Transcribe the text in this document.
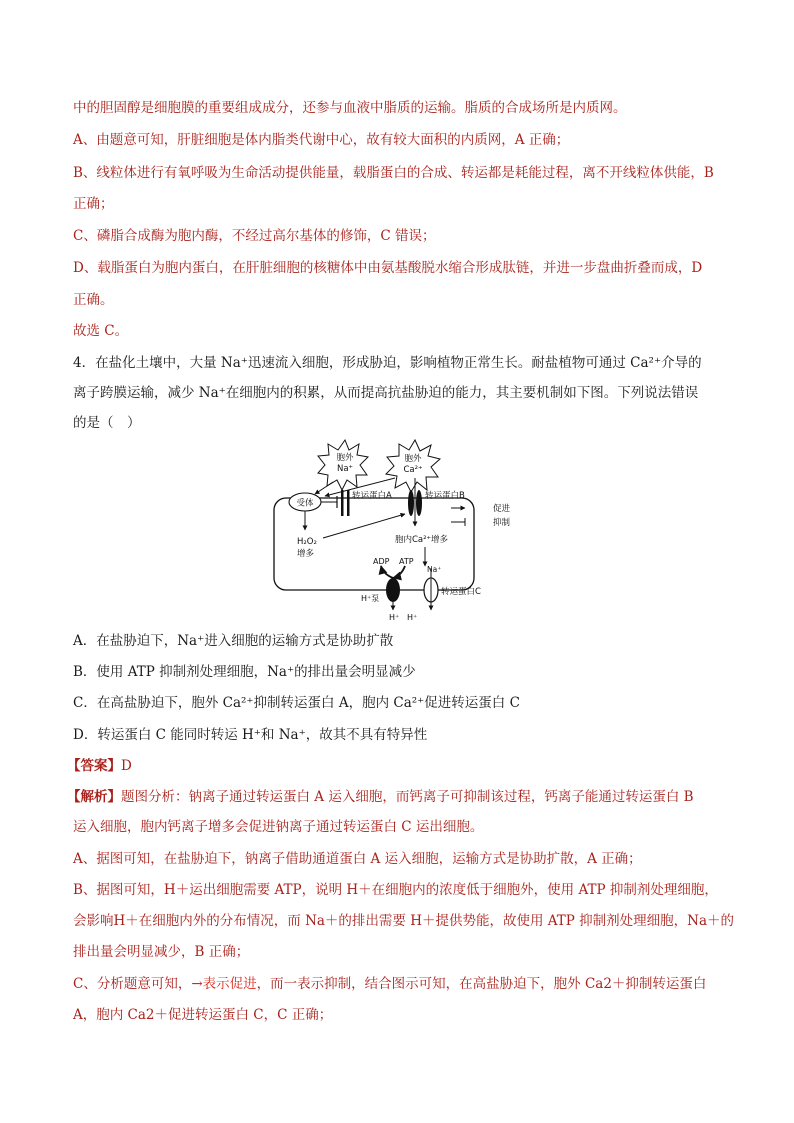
中的胆固醇是细胞膜的重要组成成分，还参与血液中脂质的运输。脂质的合成场所是内质网。
A、由题意可知，肝脏细胞是体内脂类代谢中心，故有较大面积的内质网，A 正确；
B、线粒体进行有氧呼吸为生命活动提供能量，载脂蛋白的合成、转运都是耗能过程，离不开线粒体供能，B
正确；
C、磷脂合成酶为胞内酶，不经过高尔基体的修饰，C 错误；
D、载脂蛋白为胞内蛋白，在肝脏细胞的核糖体中由氨基酸脱水缩合形成肽链，并进一步盘曲折叠而成，D
正确。
故选 C。
4．在盐化土壤中，大量 Na⁺迅速流入细胞，形成胁迫，影响植物正常生长。耐盐植物可通过 Ca²⁺介导的
离子跨膜运输，减少 Na⁺在细胞内的积累，从而提高抗盐胁迫的能力，其主要机制如下图。下列说法错误
的是（　）
胞外
Na⁺
胞外
Ca²⁺
受体
转运蛋白A	转运蛋白B
促进
抑制
H₂O₂
增多
胞内Ca²⁺增多
ADP ATP
H⁺泵
H⁺
Na⁺
H⁺
转运蛋白C
A．在盐胁迫下，Na⁺进入细胞的运输方式是协助扩散
B．使用 ATP 抑制剂处理细胞，Na⁺的排出量会明显减少
C．在高盐胁迫下，胞外 Ca²⁺抑制转运蛋白 A，胞内 Ca²⁺促进转运蛋白 C
D．转运蛋白 C 能同时转运 H⁺和 Na⁺，故其不具有特异性
【答案】D
【解析】题图分析：钠离子通过转运蛋白 A 运入细胞，而钙离子可抑制该过程，钙离子能通过转运蛋白 B
运入细胞，胞内钙离子增多会促进钠离子通过转运蛋白 C 运出细胞。
A、据图可知，在盐胁迫下，钠离子借助通道蛋白 A 运入细胞，运输方式是协助扩散，A 正确；
B、据图可知，H＋运出细胞需要 ATP，说明 H＋在细胞内的浓度低于细胞外，使用 ATP 抑制剂处理细胞，
会影响H＋在细胞内外的分布情况，而 Na＋的排出需要 H＋提供势能，故使用 ATP 抑制剂处理细胞，Na＋的
排出量会明显减少，B 正确；
C、分析题意可知，→表示促进，而一表示抑制，结合图示可知，在高盐胁迫下，胞外 Ca2＋抑制转运蛋白
A，胞内 Ca2＋促进转运蛋白 C，C 正确；
